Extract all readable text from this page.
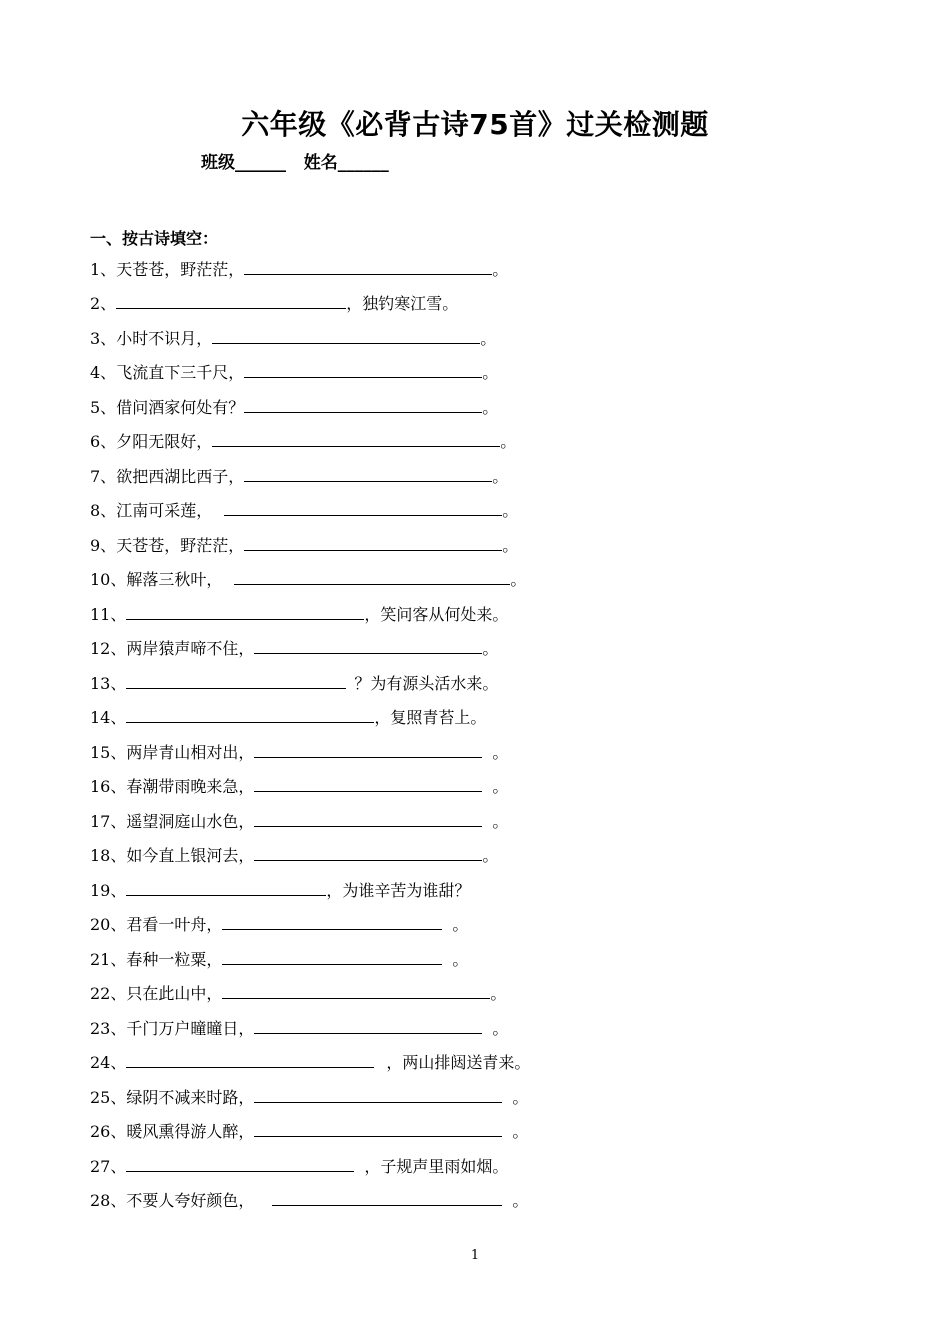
六年级《必背古诗75首》过关检测题
班级______ 姓名______
一、按古诗填空：
1、天苍苍，野茫茫，	。
2、	，独钓寒江雪。
3、小时不识月，	。
4、飞流直下三千尺，	。
5、借问酒家何处有？	。
6、夕阳无限好，	。
7、欲把西湖比西子，	。
8、江南可采莲，	。
9、天苍苍，野茫茫，	。
10、解落三秋叶，	。
11、	，笑问客从何处来。
12、两岸猿声啼不住，	。
13、	？为有源头活水来。
14、	，复照青苔上。
15、两岸青山相对出，	。
16、春潮带雨晚来急，	。
17、遥望洞庭山水色，	。
18、如今直上银河去，	。
19、	，为谁辛苦为谁甜？
20、君看一叶舟，	。
21、春种一粒粟，	。
22、只在此山中，	。
23、千门万户曈曈日，	。
24、	，两山排闼送青来。
25、绿阴不减来时路，	。
26、暖风熏得游人醉，	。
27、	，子规声里雨如烟。
28、不要人夸好颜色，	。
1
